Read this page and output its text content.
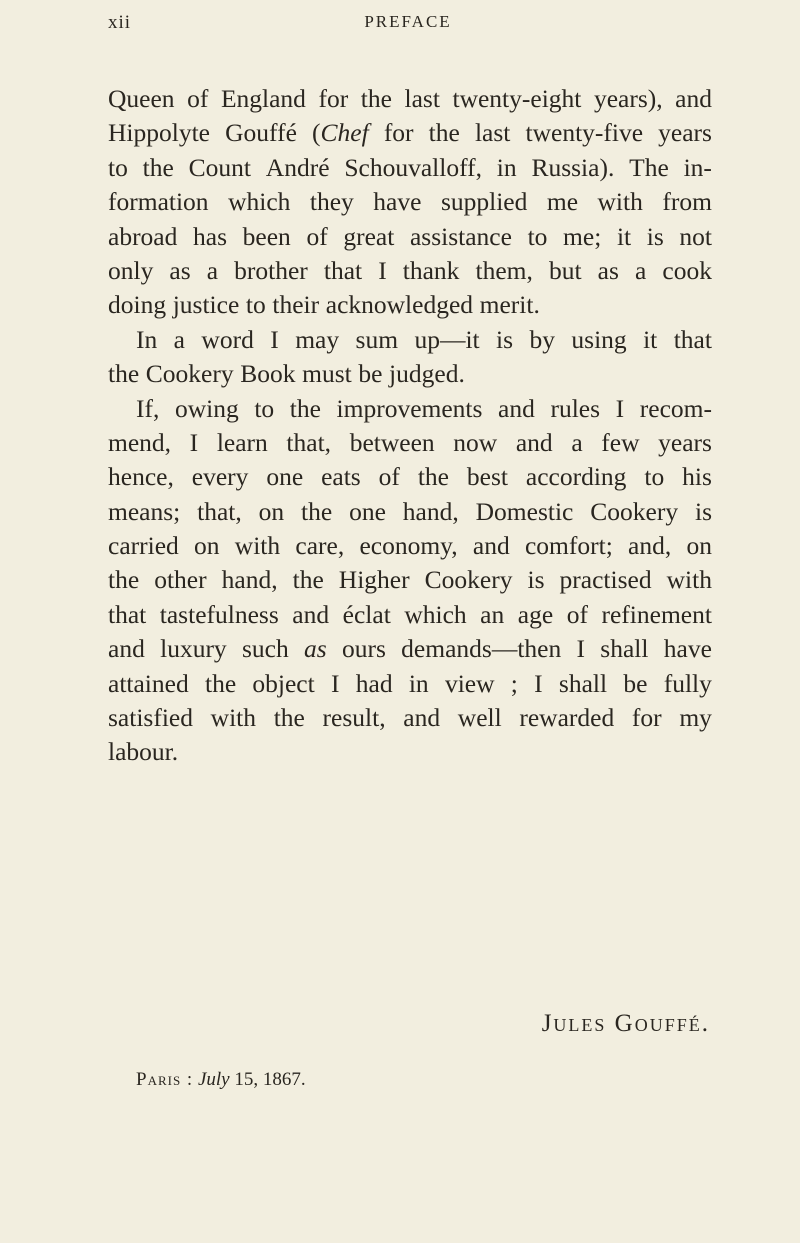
xii	PREFACE
Queen of England for the last twenty-eight years), and
Hippolyte Gouffé (Chef for the last twenty-five years
to the Count André Schouvalloff, in Russia). The in-
formation which they have supplied me with from
abroad has been of great assistance to me; it is not
only as a brother that I thank them, but as a cook
doing justice to their acknowledged merit.
In a word I may sum up—it is by using it that
the Cookery Book must be judged.
If, owing to the improvements and rules I recom-
mend, I learn that, between now and a few years
hence, every one eats of the best according to his
means; that, on the one hand, Domestic Cookery is
carried on with care, economy, and comfort; and, on
the other hand, the Higher Cookery is practised with
that tastefulness and éclat which an age of refinement
and luxury such as ours demands—then I shall have
attained the object I had in view ; I shall be fully
satisfied with the result, and well rewarded for my
labour.
Jules Gouffé.
Paris : July 15, 1867.
